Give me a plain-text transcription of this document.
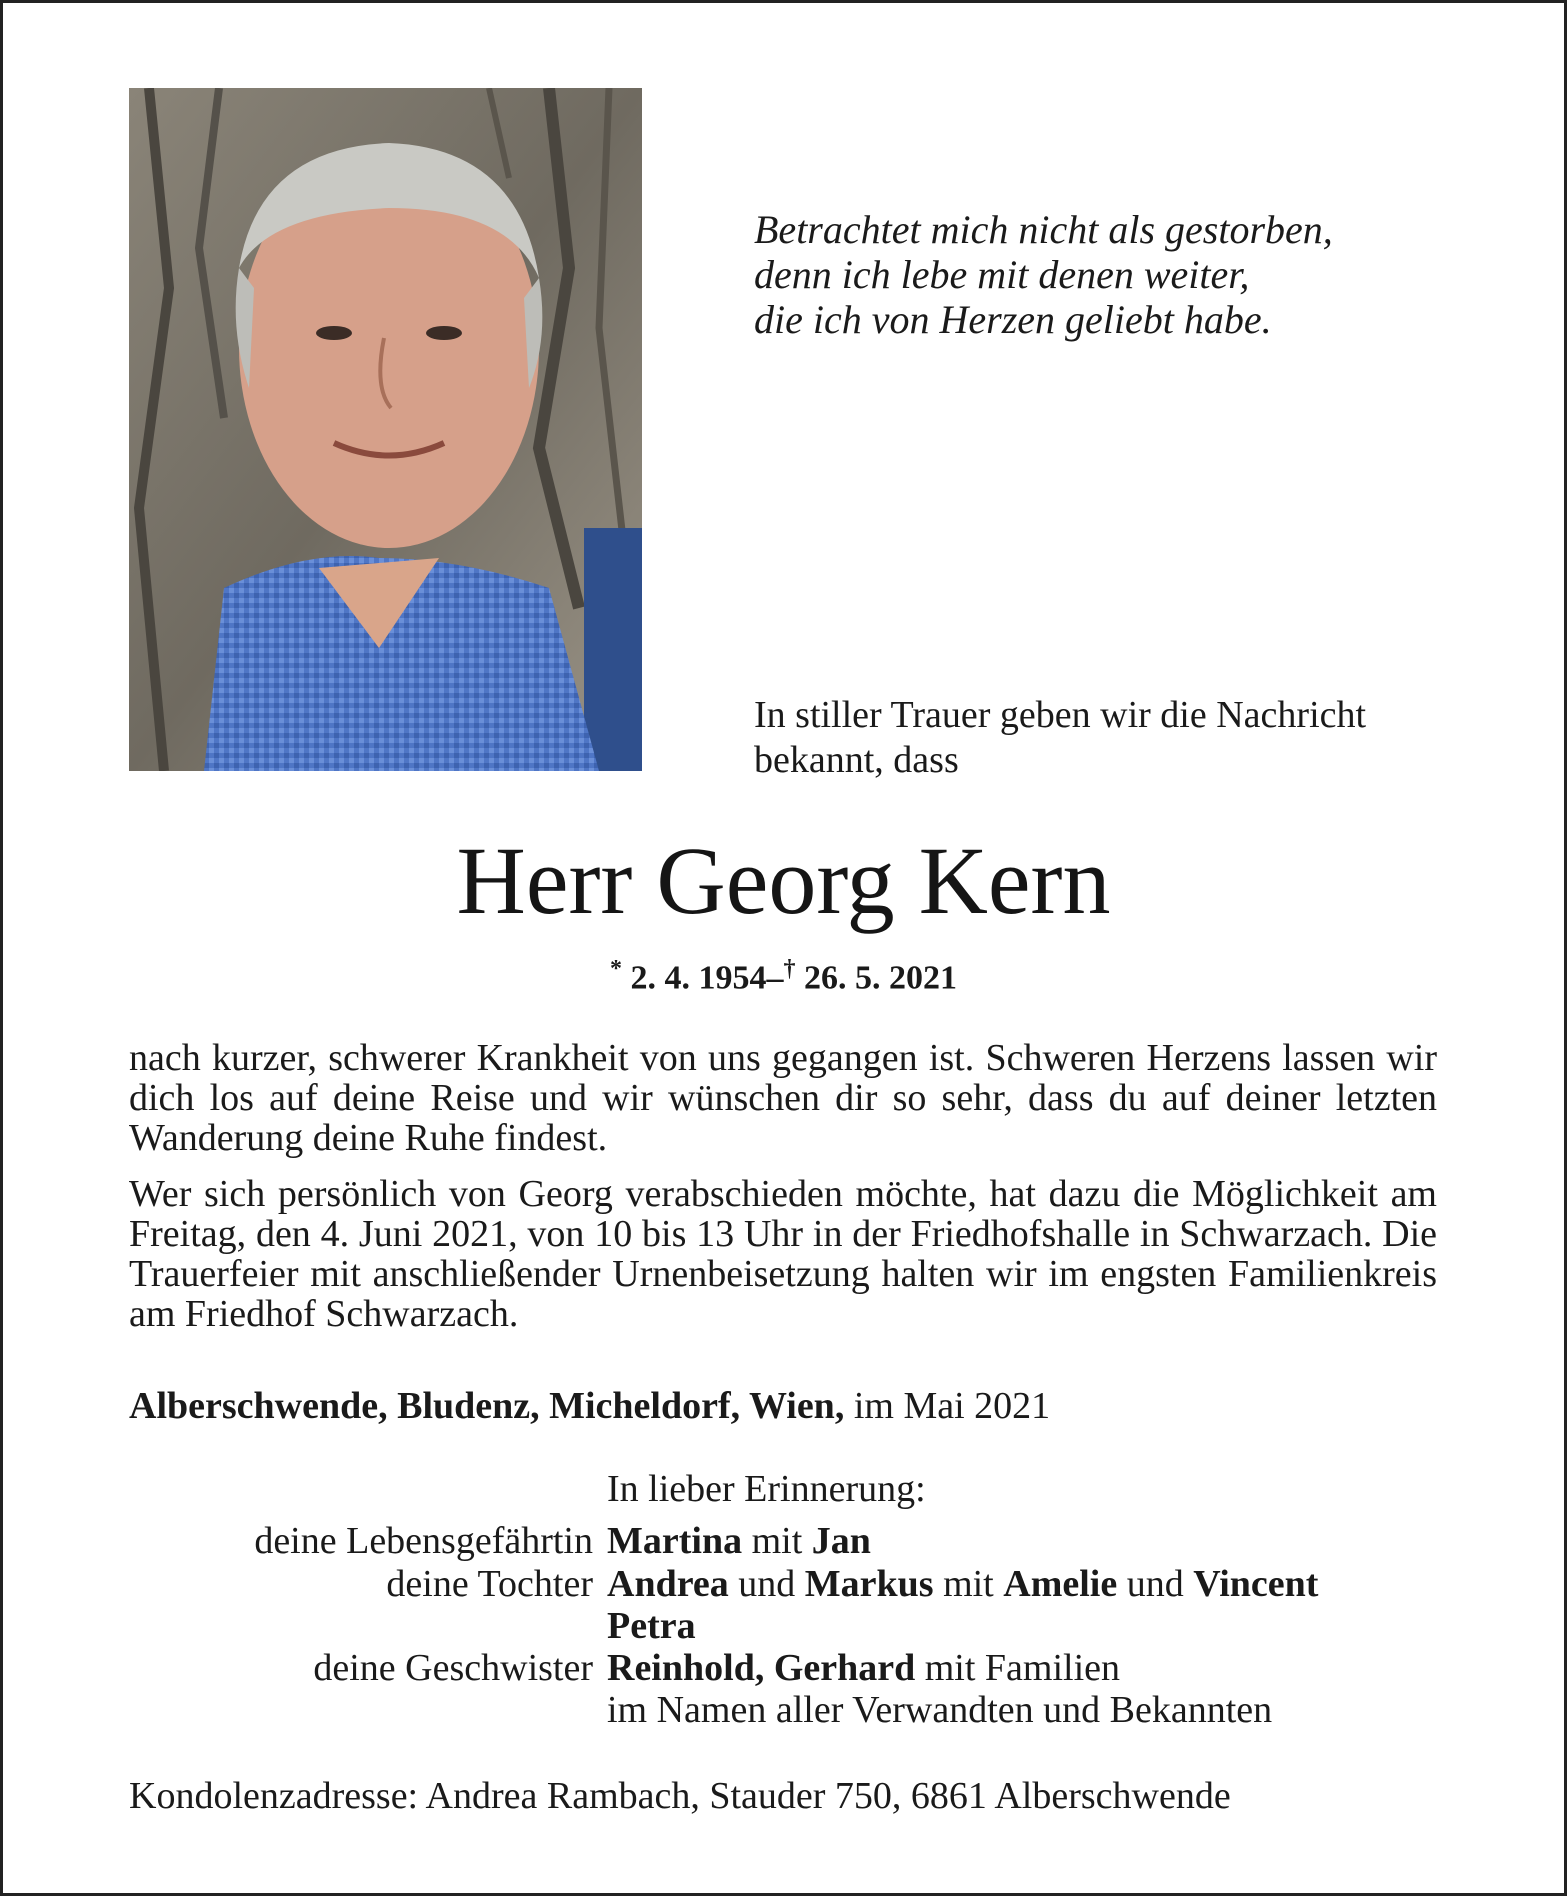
Betrachtet mich nicht als gestorben,
denn ich lebe mit denen weiter,
die ich von Herzen geliebt habe.
In stiller Trauer geben wir die Nachricht
bekannt, dass
Herr Georg Kern
* 2. 4. 1954–† 26. 5. 2021
nach kurzer, schwerer Krankheit von uns gegangen ist. Schweren Herzens lassen wir dich los auf deine Reise und wir wünschen dir so sehr, dass du auf deiner letzten Wanderung deine Ruhe findest.
Wer sich persönlich von Georg verabschieden möchte, hat dazu die Möglichkeit am Freitag, den 4. Juni 2021, von 10 bis 13 Uhr in der Friedhofshalle in Schwarzach. Die Trauerfeier mit anschließender Urnenbeisetzung halten wir im engsten Familienkreis am Friedhof Schwarzach.
Alberschwende, Bludenz, Micheldorf, Wien, im Mai 2021
In lieber Erinnerung:
deine Lebensgefährtin Martina mit Jan
deine Tochter Andrea und Markus mit Amelie und Vincent
Petra
deine Geschwister Reinhold, Gerhard mit Familien
im Namen aller Verwandten und Bekannten
Kondolenzadresse: Andrea Rambach, Stauder 750, 6861 Alberschwende
